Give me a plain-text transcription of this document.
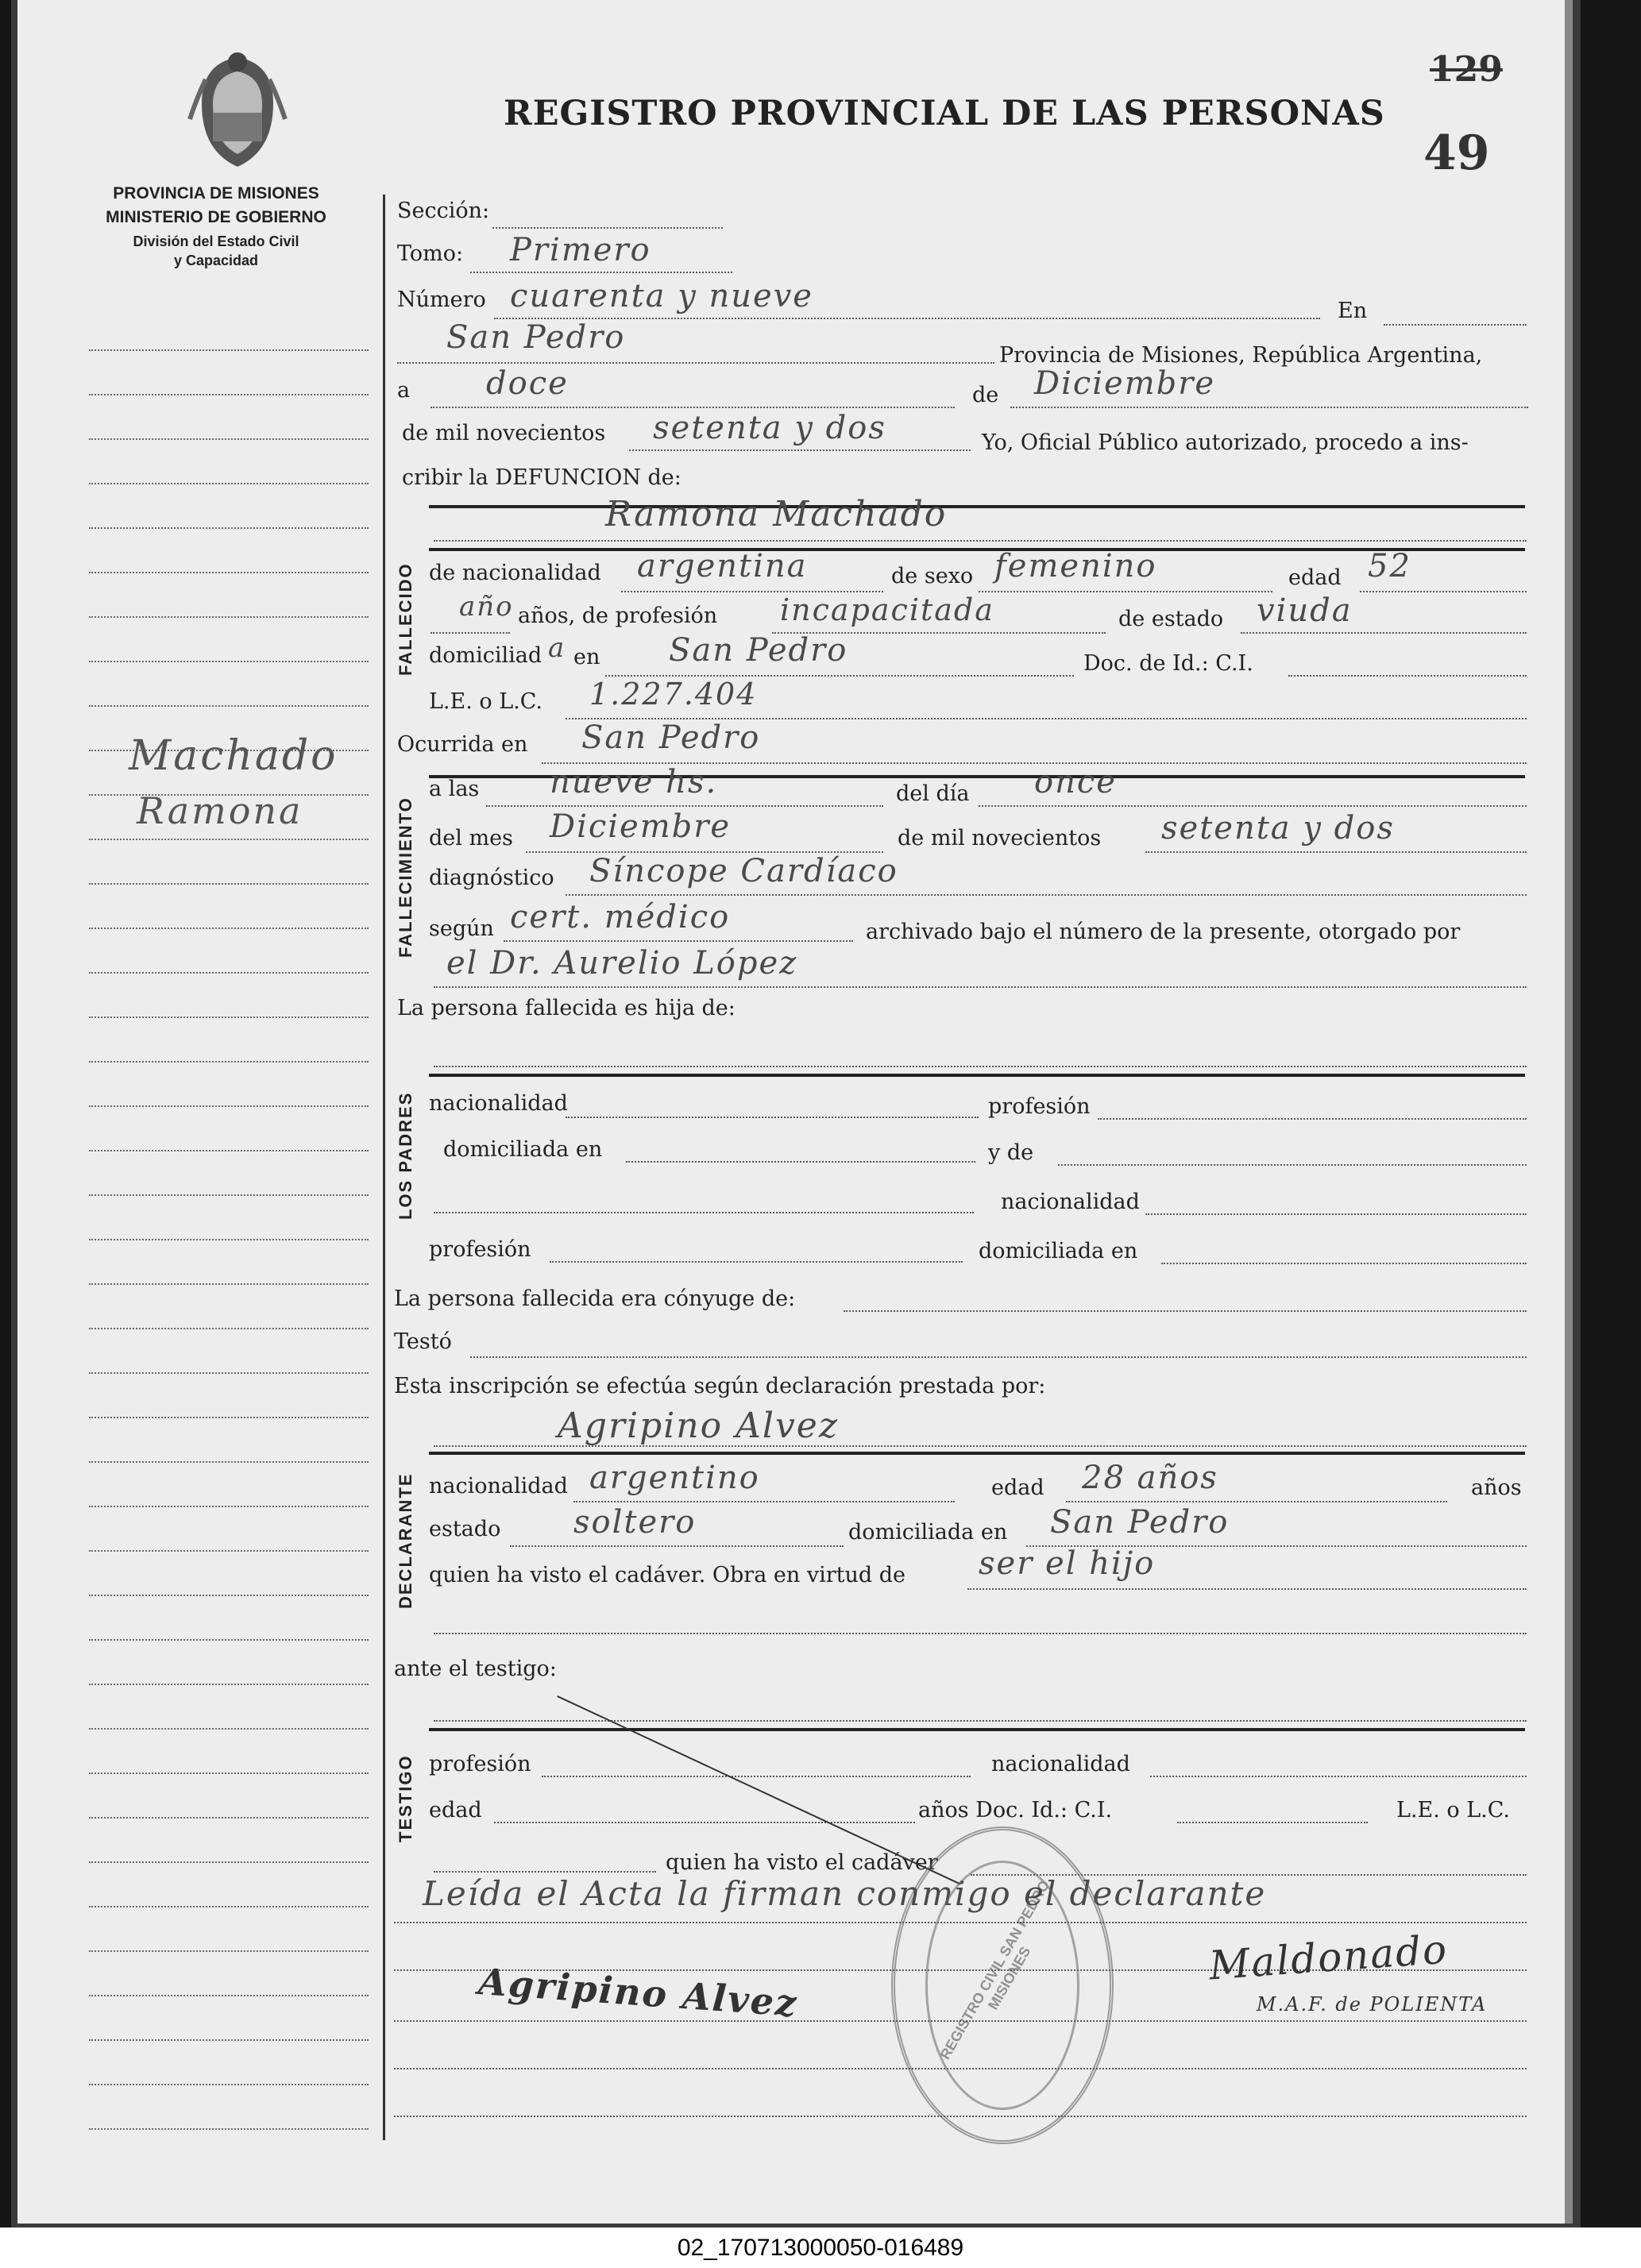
PROVINCIA DE MISIONES
MINISTERIO DE GOBIERNO
División del Estado Civil
y Capacidad
REGISTRO PROVINCIAL DE LAS PERSONAS
129
49
Machado
Ramona
Sección:
Tomo: Primero
Número cuarenta y nueve	En
San Pedro	Provincia de Misiones, República Argentina,
a doce	de Diciembre
de mil novecientos setenta y dos	Yo, Oficial Público autorizado, procedo a ins-
cribir la DEFUNCION de:
Ramona Machado
FALLECIDO de nacionalidad argentina	de sexo femenino	edad 52
año años, de profesión incapacitada	de estado viuda
domiciliad a en San Pedro	Doc. de Id.: C.I.
L.E. o L.C. 1.227.404
Ocurrida en San Pedro
FALLECIMIENTO
a las nueve hs.	del día once
del mes Diciembre	de mil novecientos setenta y dos
diagnóstico Síncope Cardíaco
según cert. médico	archivado bajo el número de la presente, otorgado por
el Dr. Aurelio López
La persona fallecida es hija de:
LOS PADRES nacionalidad	profesión
domiciliada en	y de
nacionalidad
profesión	domiciliada en
La persona fallecida era cónyuge de:
Testó
Esta inscripción se efectúa según declaración prestada por:
Agripino Alvez
DECLARANTE nacionalidad argentino	edad 28 años	años
estado soltero	domiciliada en San Pedro
quien ha visto el cadáver. Obra en virtud de ser el hijo
ante el testigo:
TESTIGO profesión	nacionalidad
edad	años Doc. Id.: C.I.	L.E. o L.C.
quien ha visto el cadáver
Leída el Acta la firman conmigo el declarante
Agripino Alvez
Maldonado
M.A.F. de POLIENTA
REGISTRO CIVIL SAN PEDRO MISIONES
02_170713000050-016489
